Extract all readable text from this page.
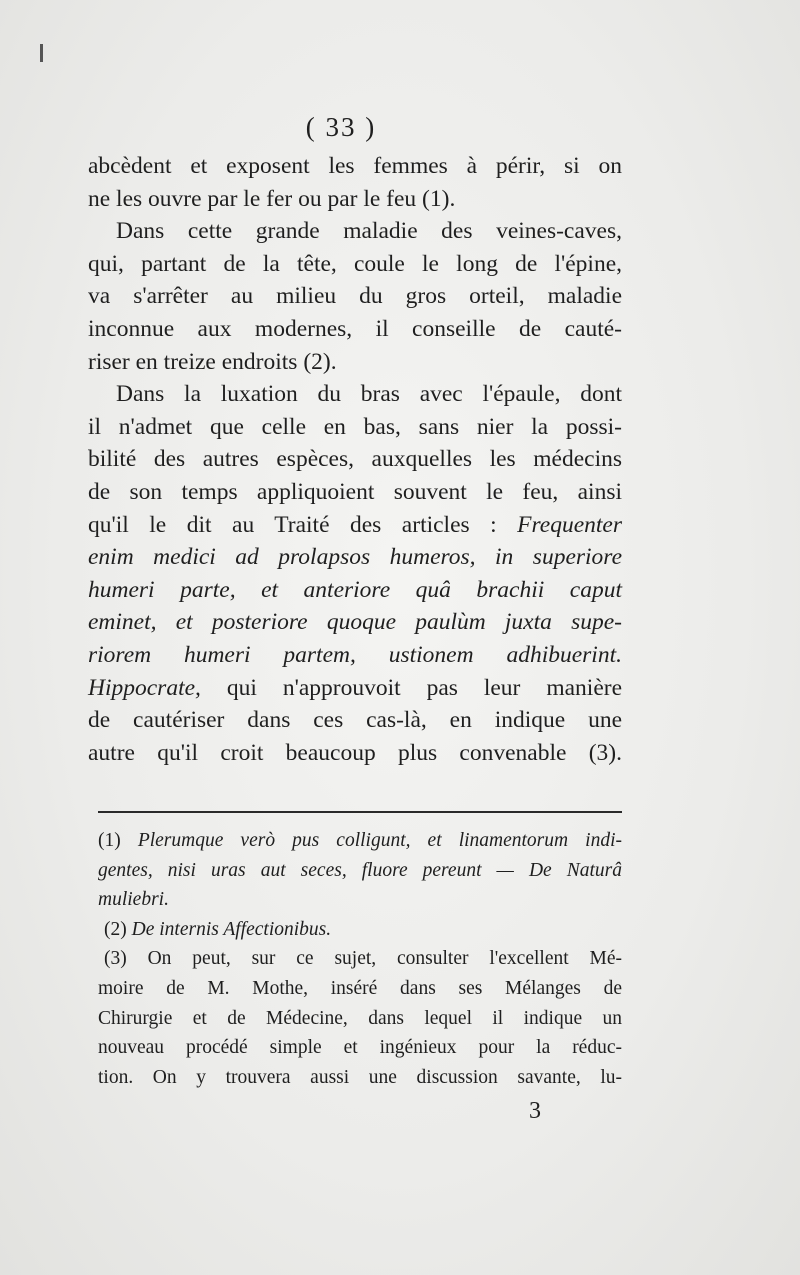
( 33 )
abcèdent et exposent les femmes à périr, si on
ne les ouvre par le fer ou par le feu (1).
Dans cette grande maladie des veines-caves,
qui, partant de la tête, coule le long de l'épine,
va s'arrêter au milieu du gros orteil, maladie
inconnue aux modernes, il conseille de cauté-
riser en treize endroits (2).
Dans la luxation du bras avec l'épaule, dont
il n'admet que celle en bas, sans nier la possi-
bilité des autres espèces, auxquelles les médecins
de son temps appliquoient souvent le feu, ainsi
qu'il le dit au Traité des articles : Frequenter
enim medici ad prolapsos humeros, in superiore
humeri parte, et anteriore quâ brachii caput
eminet, et posteriore quoque paulùm juxta supe-
riorem humeri partem, ustionem adhibuerint.
Hippocrate, qui n'approuvoit pas leur manière
de cautériser dans ces cas-là, en indique une
autre qu'il croit beaucoup plus convenable (3).
(1) Plerumque verò pus colligunt, et linamentorum indi-
gentes, nisi uras aut seces, fluore pereunt — De Naturâ
muliebri.
(2) De internis Affectionibus.
(3) On peut, sur ce sujet, consulter l'excellent Mé-
moire de M. Mothe, inséré dans ses Mélanges de
Chirurgie et de Médecine, dans lequel il indique un
nouveau procédé simple et ingénieux pour la réduc-
tion. On y trouvera aussi une discussion savante, lu-
3
